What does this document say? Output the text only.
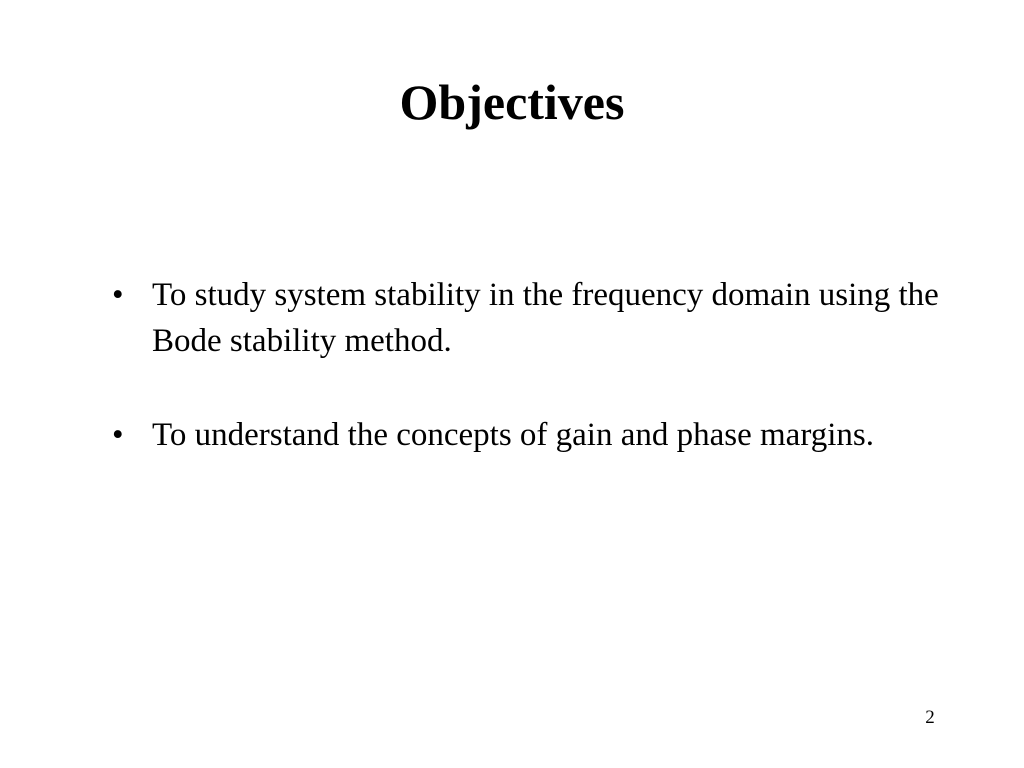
Objectives
• To study system stability in the frequency domain using the Bode stability method.
• To understand the concepts of gain and phase margins.
2
